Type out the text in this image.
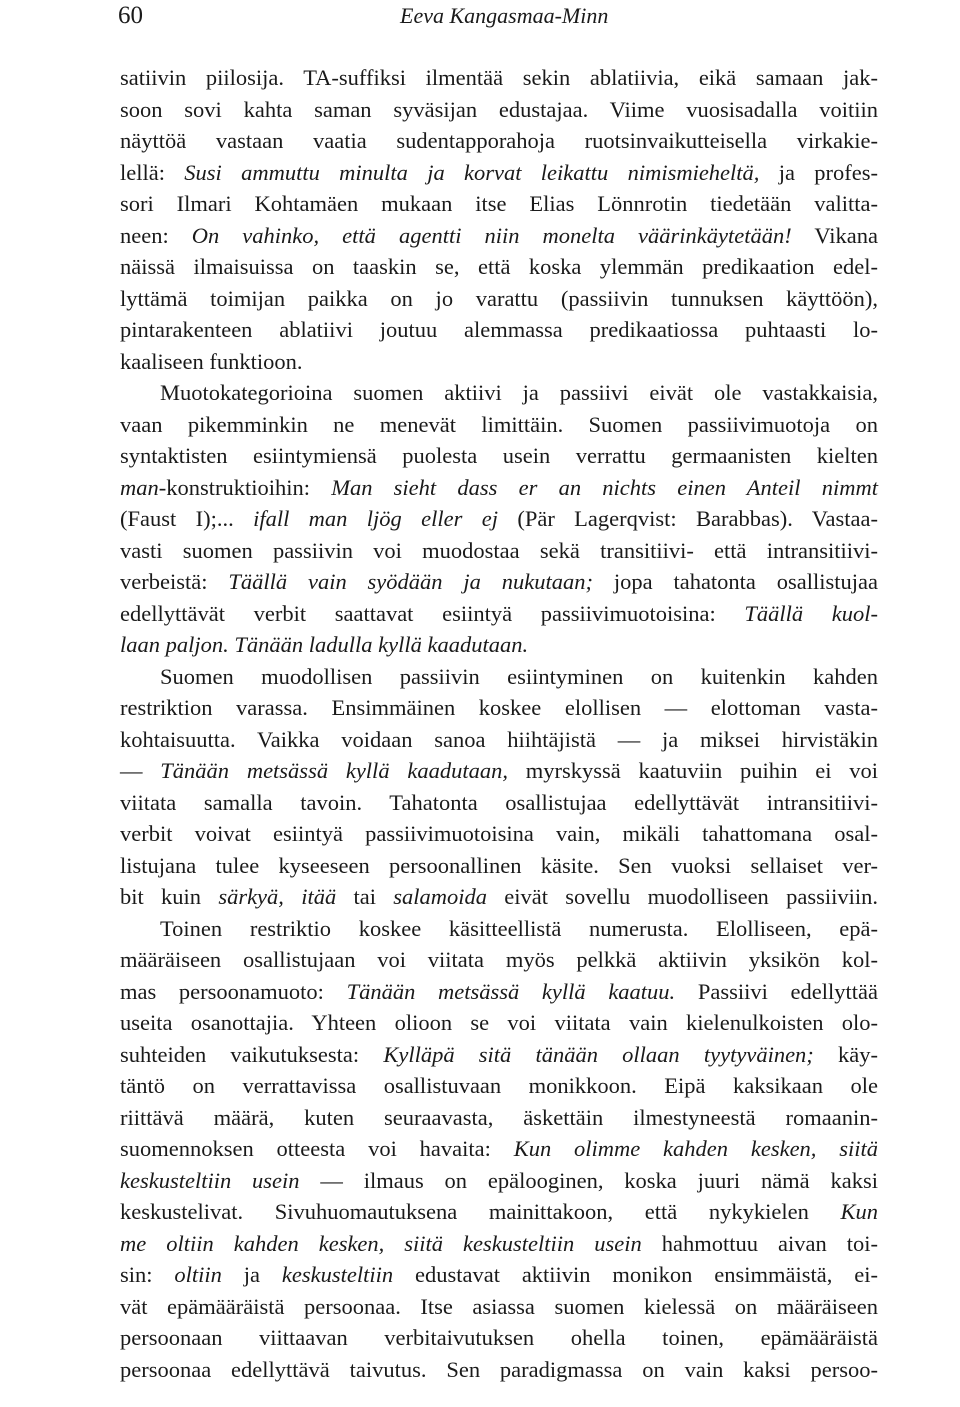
60	Eeva Kangasmaa-Minn
satiivin piilosija. TA-suffiksi ilmentää sekin ablatiivia, eikä samaan jak-
soon sovi kahta saman syväsijan edustajaa. Viime vuosisadalla voitiin
näyttöä vastaan vaatia sudentapporahoja ruotsinvaikutteisella virkakie-
lellä: Susi ammuttu minulta ja korvat leikattu nimismieheltä, ja profes-
sori Ilmari Kohtamäen mukaan itse Elias Lönnrotin tiedetään valitta-
neen: On vahinko, että agentti niin monelta väärinkäytetään! Vikana
näissä ilmaisuissa on taaskin se, että koska ylemmän predikaation edel-
lyttämä toimijan paikka on jo varattu (passiivin tunnuksen käyttöön),
pintarakenteen ablatiivi joutuu alemmassa predikaatiossa puhtaasti lo-
kaaliseen funktioon.
Muotokategorioina suomen aktiivi ja passiivi eivät ole vastakkaisia,
vaan pikemminkin ne menevät limittäin. Suomen passiivimuotoja on
syntaktisten esiintymiensä puolesta usein verrattu germaanisten kielten
man-konstruktioihin: Man sieht dass er an nichts einen Anteil nimmt
(Faust I);... ifall man ljög eller ej (Pär Lagerqvist: Barabbas). Vastaa-
vasti suomen passiivin voi muodostaa sekä transitiivi- että intransitiivi-
verbeistä: Täällä vain syödään ja nukutaan; jopa tahatonta osallistujaa
edellyttävät verbit saattavat esiintyä passiivimuotoisina: Täällä kuol-
laan paljon. Tänään ladulla kyllä kaadutaan.
Suomen muodollisen passiivin esiintyminen on kuitenkin kahden
restriktion varassa. Ensimmäinen koskee elollisen — elottoman vasta-
kohtaisuutta. Vaikka voidaan sanoa hiihtäjistä — ja miksei hirvistäkin
— Tänään metsässä kyllä kaadutaan, myrskyssä kaatuviin puihin ei voi
viitata samalla tavoin. Tahatonta osallistujaa edellyttävät intransitiivi-
verbit voivat esiintyä passiivimuotoisina vain, mikäli tahattomana osal-
listujana tulee kyseeseen persoonallinen käsite. Sen vuoksi sellaiset ver-
bit kuin särkyä, itää tai salamoida eivät sovellu muodolliseen passiiviin.
Toinen restriktio koskee käsitteellistä numerusta. Elolliseen, epä-
määräiseen osallistujaan voi viitata myös pelkkä aktiivin yksikön kol-
mas persoonamuoto: Tänään metsässä kyllä kaatuu. Passiivi edellyttää
useita osanottajia. Yhteen olioon se voi viitata vain kielenulkoisten olo-
suhteiden vaikutuksesta: Kylläpä sitä tänään ollaan tyytyväinen; käy-
täntö on verrattavissa osallistuvaan monikkoon. Eipä kaksikaan ole
riittävä määrä, kuten seuraavasta, äskettäin ilmestyneestä romaanin-
suomennoksen otteesta voi havaita: Kun olimme kahden kesken, siitä
keskusteltiin usein — ilmaus on epälooginen, koska juuri nämä kaksi
keskustelivat. Sivuhuomautuksena mainittakoon, että nykykielen Kun
me oltiin kahden kesken, siitä keskusteltiin usein hahmottuu aivan toi-
sin: oltiin ja keskusteltiin edustavat aktiivin monikon ensimmäistä, ei-
vät epämääräistä persoonaa. Itse asiassa suomen kielessä on määräiseen
persoonaan viittaavan verbitaivutuksen ohella toinen, epämääräistä
persoonaa edellyttävä taivutus. Sen paradigmassa on vain kaksi persoo-
